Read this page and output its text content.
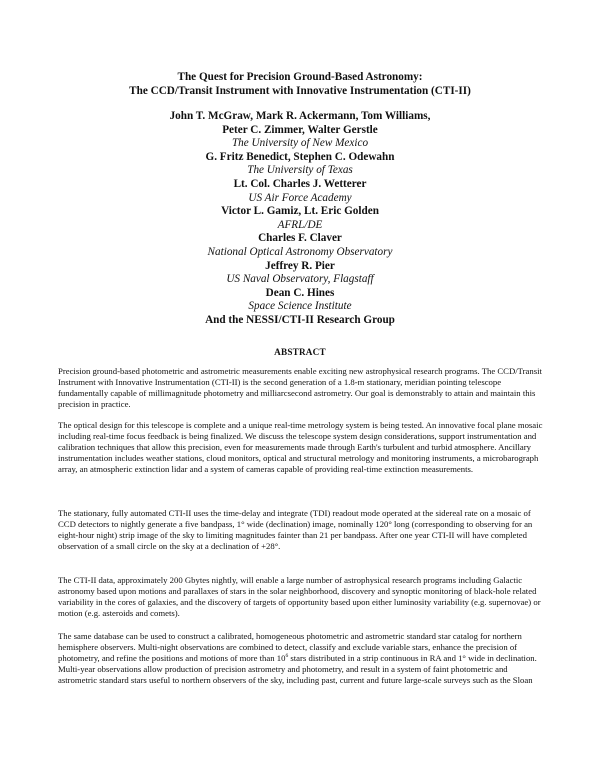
The Quest for Precision Ground-Based Astronomy:
The CCD/Transit Instrument with Innovative Instrumentation (CTI-II)
John T. McGraw, Mark R. Ackermann, Tom Williams,
Peter C. Zimmer, Walter Gerstle
The University of New Mexico
G. Fritz Benedict, Stephen C. Odewahn
The University of Texas
Lt. Col. Charles J. Wetterer
US Air Force Academy
Victor L. Gamiz, Lt. Eric Golden
AFRL/DE
Charles F. Claver
National Optical Astronomy Observatory
Jeffrey R. Pier
US Naval Observatory, Flagstaff
Dean C. Hines
Space Science Institute
And the NESSI/CTI-II Research Group
ABSTRACT

Precision ground-based photometric and astrometric measurements enable exciting new astrophysical research programs. The CCD/Transit Instrument with Innovative Instrumentation (CTI-II) is the second generation of a 1.8-m stationary, meridian pointing telescope fundamentally capable of millimagnitude photometry and milliarcsecond astrometry. Our goal is demonstrably to attain and maintain this precision in practice.

The optical design for this telescope is complete and a unique real-time metrology system is being tested. An innovative focal plane mosaic including real-time focus feedback is being finalized. We discuss the telescope system design considerations, support instrumentation and calibration techniques that allow this precision, even for measurements made through Earth's turbulent and turbid atmosphere. Ancillary instrumentation includes weather stations, cloud monitors, optical and structural metrology and monitoring instruments, a microbarograph array, an atmospheric extinction lidar and a system of cameras capable of providing real-time extinction measurements.

The stationary, fully automated CTI-II uses the time-delay and integrate (TDI) readout mode operated at the sidereal rate on a mosaic of CCD detectors to nightly generate a five bandpass, 1° wide (declination) image, nominally 120° long (corresponding to observing for an eight-hour night) strip image of the sky to limiting magnitudes fainter than 21 per bandpass. After one year CTI-II will have completed observation of a small circle on the sky at a declination of +28°.

The CTI-II data, approximately 200 Gbytes nightly, will enable a large number of astrophysical research programs including Galactic astronomy based upon motions and parallaxes of stars in the solar neighborhood, discovery and synoptic monitoring of black-hole related variability in the cores of galaxies, and the discovery of targets of opportunity based upon either luminosity variability (e.g. supernovae) or motion (e.g. asteroids and comets).

The same database can be used to construct a calibrated, homogeneous photometric and astrometric standard star catalog for northern hemisphere observers. Multi-night observations are combined to detect, classify and exclude variable stars, enhance the precision of photometry, and refine the positions and motions of more than $10^6$ stars distributed in a strip continuous in RA and 1° wide in declination. Multi-year observations allow production of precision astrometry and photometry, and result in a system of faint photometric and astrometric standard stars useful to northern observers of the sky, including past, current and future large-scale surveys such as the Sloan
